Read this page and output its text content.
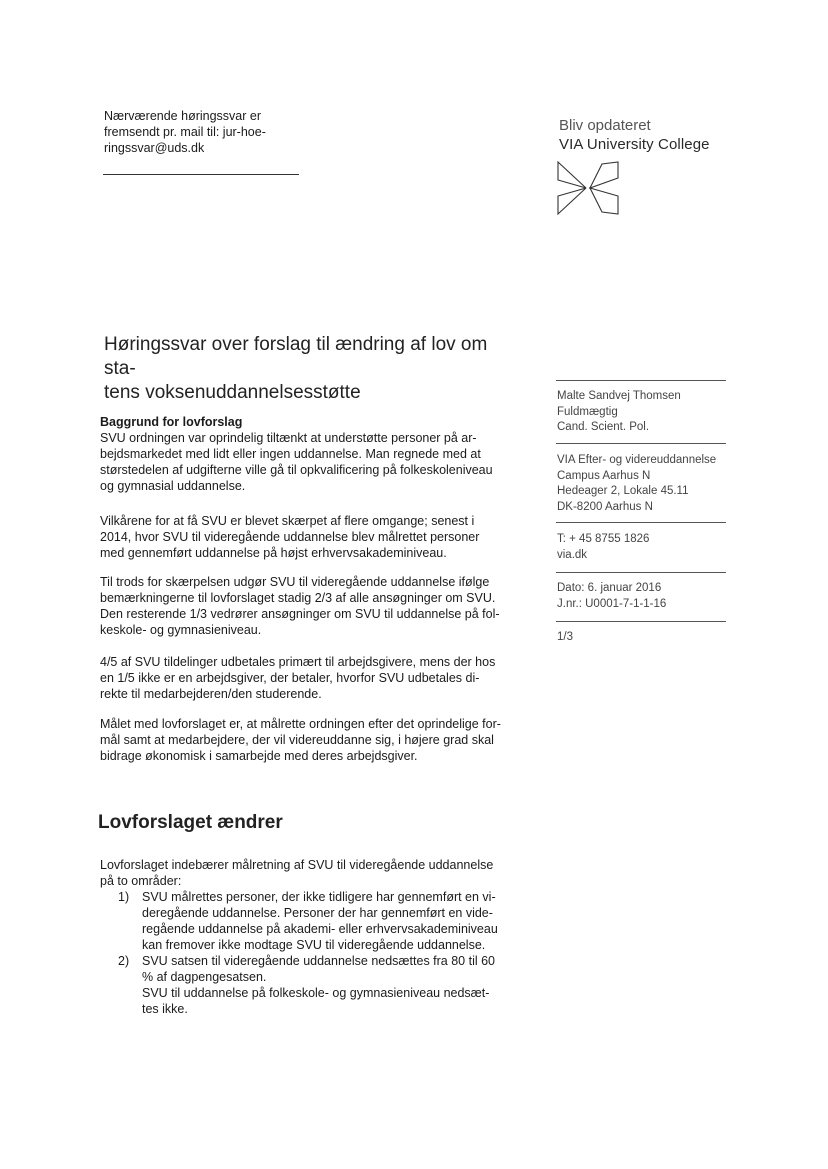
Nærværende høringssvar er
fremsendt pr. mail til: jur-hoe-
ringssvar@uds.dk
Bliv opdateret
VIA University College
Høringssvar over forslag til ændring af lov om sta-
tens voksenuddannelsesstøtte
Baggrund for lovforslag
SVU ordningen var oprindelig tiltænkt at understøtte personer på ar-
bejdsmarkedet med lidt eller ingen uddannelse. Man regnede med at
størstedelen af udgifterne ville gå til opkvalificering på folkeskoleniveau
og gymnasial uddannelse.
Vilkårene for at få SVU er blevet skærpet af flere omgange; senest i
2014, hvor SVU til videregående uddannelse blev målrettet personer
med gennemført uddannelse på højst erhvervsakademiniveau.
Til trods for skærpelsen udgør SVU til videregående uddannelse ifølge
bemærkningerne til lovforslaget stadig 2/3 af alle ansøgninger om SVU.
Den resterende 1/3 vedrører ansøgninger om SVU til uddannelse på fol-
keskole- og gymnasieniveau.
4/5 af SVU tildelinger udbetales primært til arbejdsgivere, mens der hos
en 1/5 ikke er en arbejdsgiver, der betaler, hvorfor SVU udbetales di-
rekte til medarbejderen/den studerende.
Målet med lovforslaget er, at målrette ordningen efter det oprindelige for-
mål samt at medarbejdere, der vil videreuddanne sig, i højere grad skal
bidrage økonomisk i samarbejde med deres arbejdsgiver.
Lovforslaget ændrer
Lovforslaget indebærer målretning af SVU til videregående uddannelse
på to områder:
1) SVU målrettes personer, der ikke tidligere har gennemført en vi-
deregående uddannelse. Personer der har gennemført en vide-
regående uddannelse på akademi- eller erhvervsakademiniveau
kan fremover ikke modtage SVU til videregående uddannelse.
2) SVU satsen til videregående uddannelse nedsættes fra 80 til 60
% af dagpengesatsen.
SVU til uddannelse på folkeskole- og gymnasieniveau nedsæt-
tes ikke.
Malte Sandvej Thomsen
Fuldmægtig
Cand. Scient. Pol.
VIA Efter- og videreuddannelse
Campus Aarhus N
Hedeager 2, Lokale 45.11
DK-8200 Aarhus N
T: + 45 8755 1826
via.dk
Dato: 6. januar 2016
J.nr.: U0001-7-1-1-16
1/3
